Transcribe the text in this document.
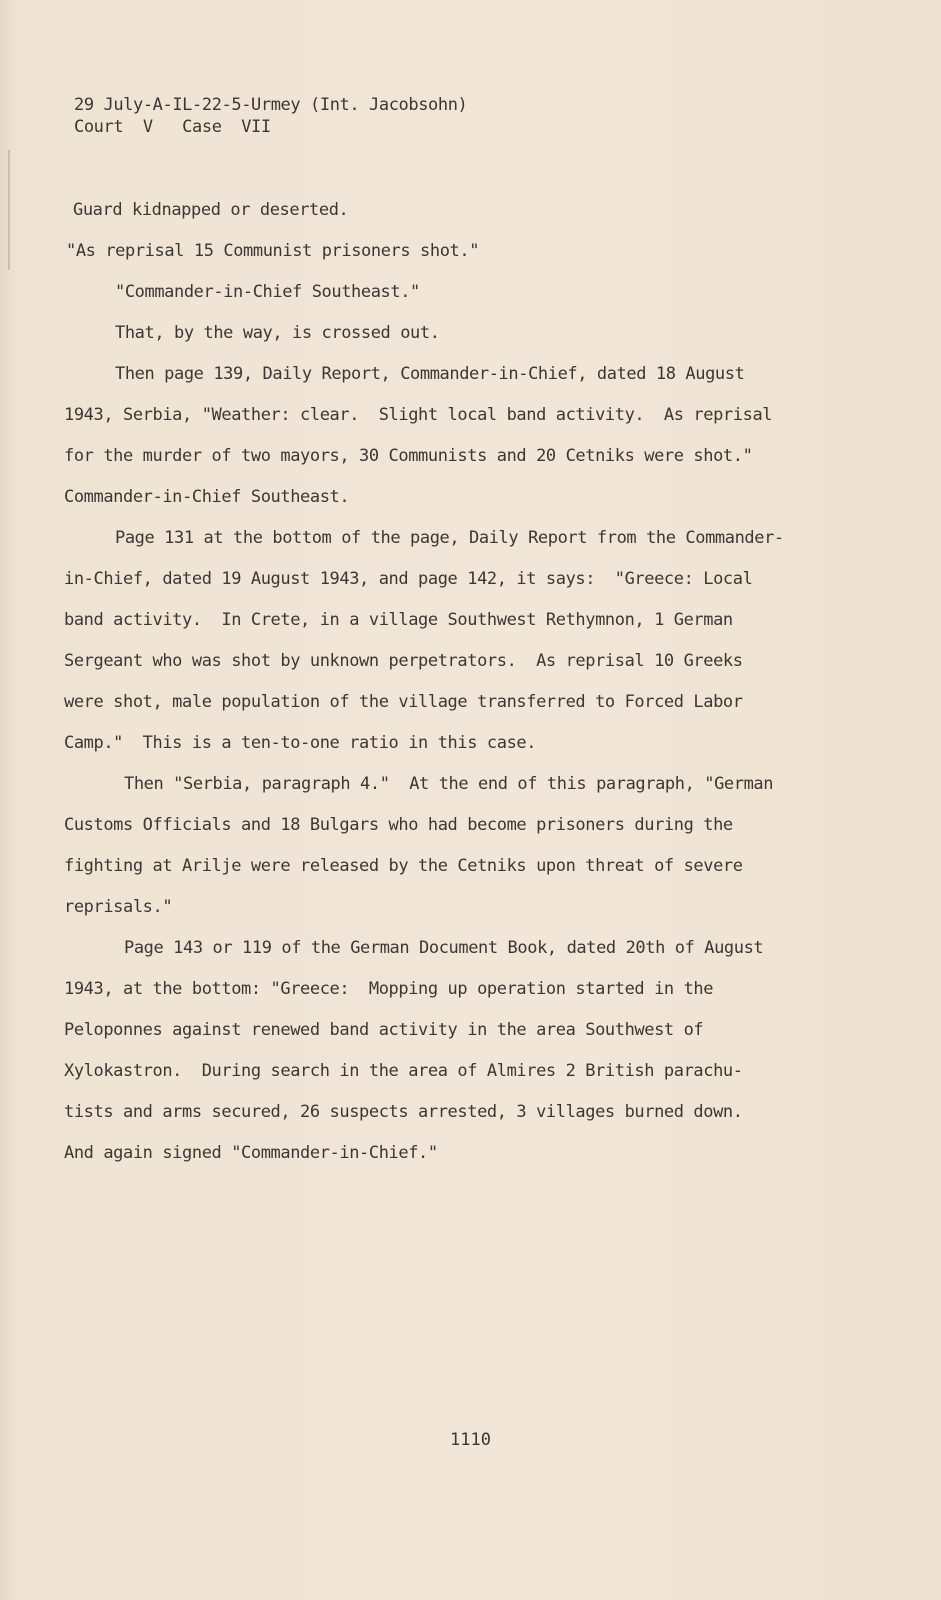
29 July-A-IL-22-5-Urmey (Int. Jacobsohn)
Court  V   Case  VII
Guard kidnapped or deserted.
"As reprisal 15 Communist prisoners shot."
"Commander-in-Chief Southeast."
That, by the way, is crossed out.
Then page 139, Daily Report, Commander-in-Chief, dated 18 August
1943, Serbia, "Weather: clear.  Slight local band activity.  As reprisal
for the murder of two mayors, 30 Communists and 20 Cetniks were shot."
Commander-in-Chief Southeast.
Page 131 at the bottom of the page, Daily Report from the Commander-
in-Chief, dated 19 August 1943, and page 142, it says:  "Greece: Local
band activity.  In Crete, in a village Southwest Rethymnon, 1 German
Sergeant who was shot by unknown perpetrators.  As reprisal 10 Greeks
were shot, male population of the village transferred to Forced Labor
Camp."  This is a ten-to-one ratio in this case.
Then "Serbia, paragraph 4."  At the end of this paragraph, "German
Customs Officials and 18 Bulgars who had become prisoners during the
fighting at Arilje were released by the Cetniks upon threat of severe
reprisals."
Page 143 or 119 of the German Document Book, dated 20th of August
1943, at the bottom: "Greece:  Mopping up operation started in the
Peloponnes against renewed band activity in the area Southwest of
Xylokastron.  During search in the area of Almires 2 British parachu-
tists and arms secured, 26 suspects arrested, 3 villages burned down.
And again signed "Commander-in-Chief."
1110
